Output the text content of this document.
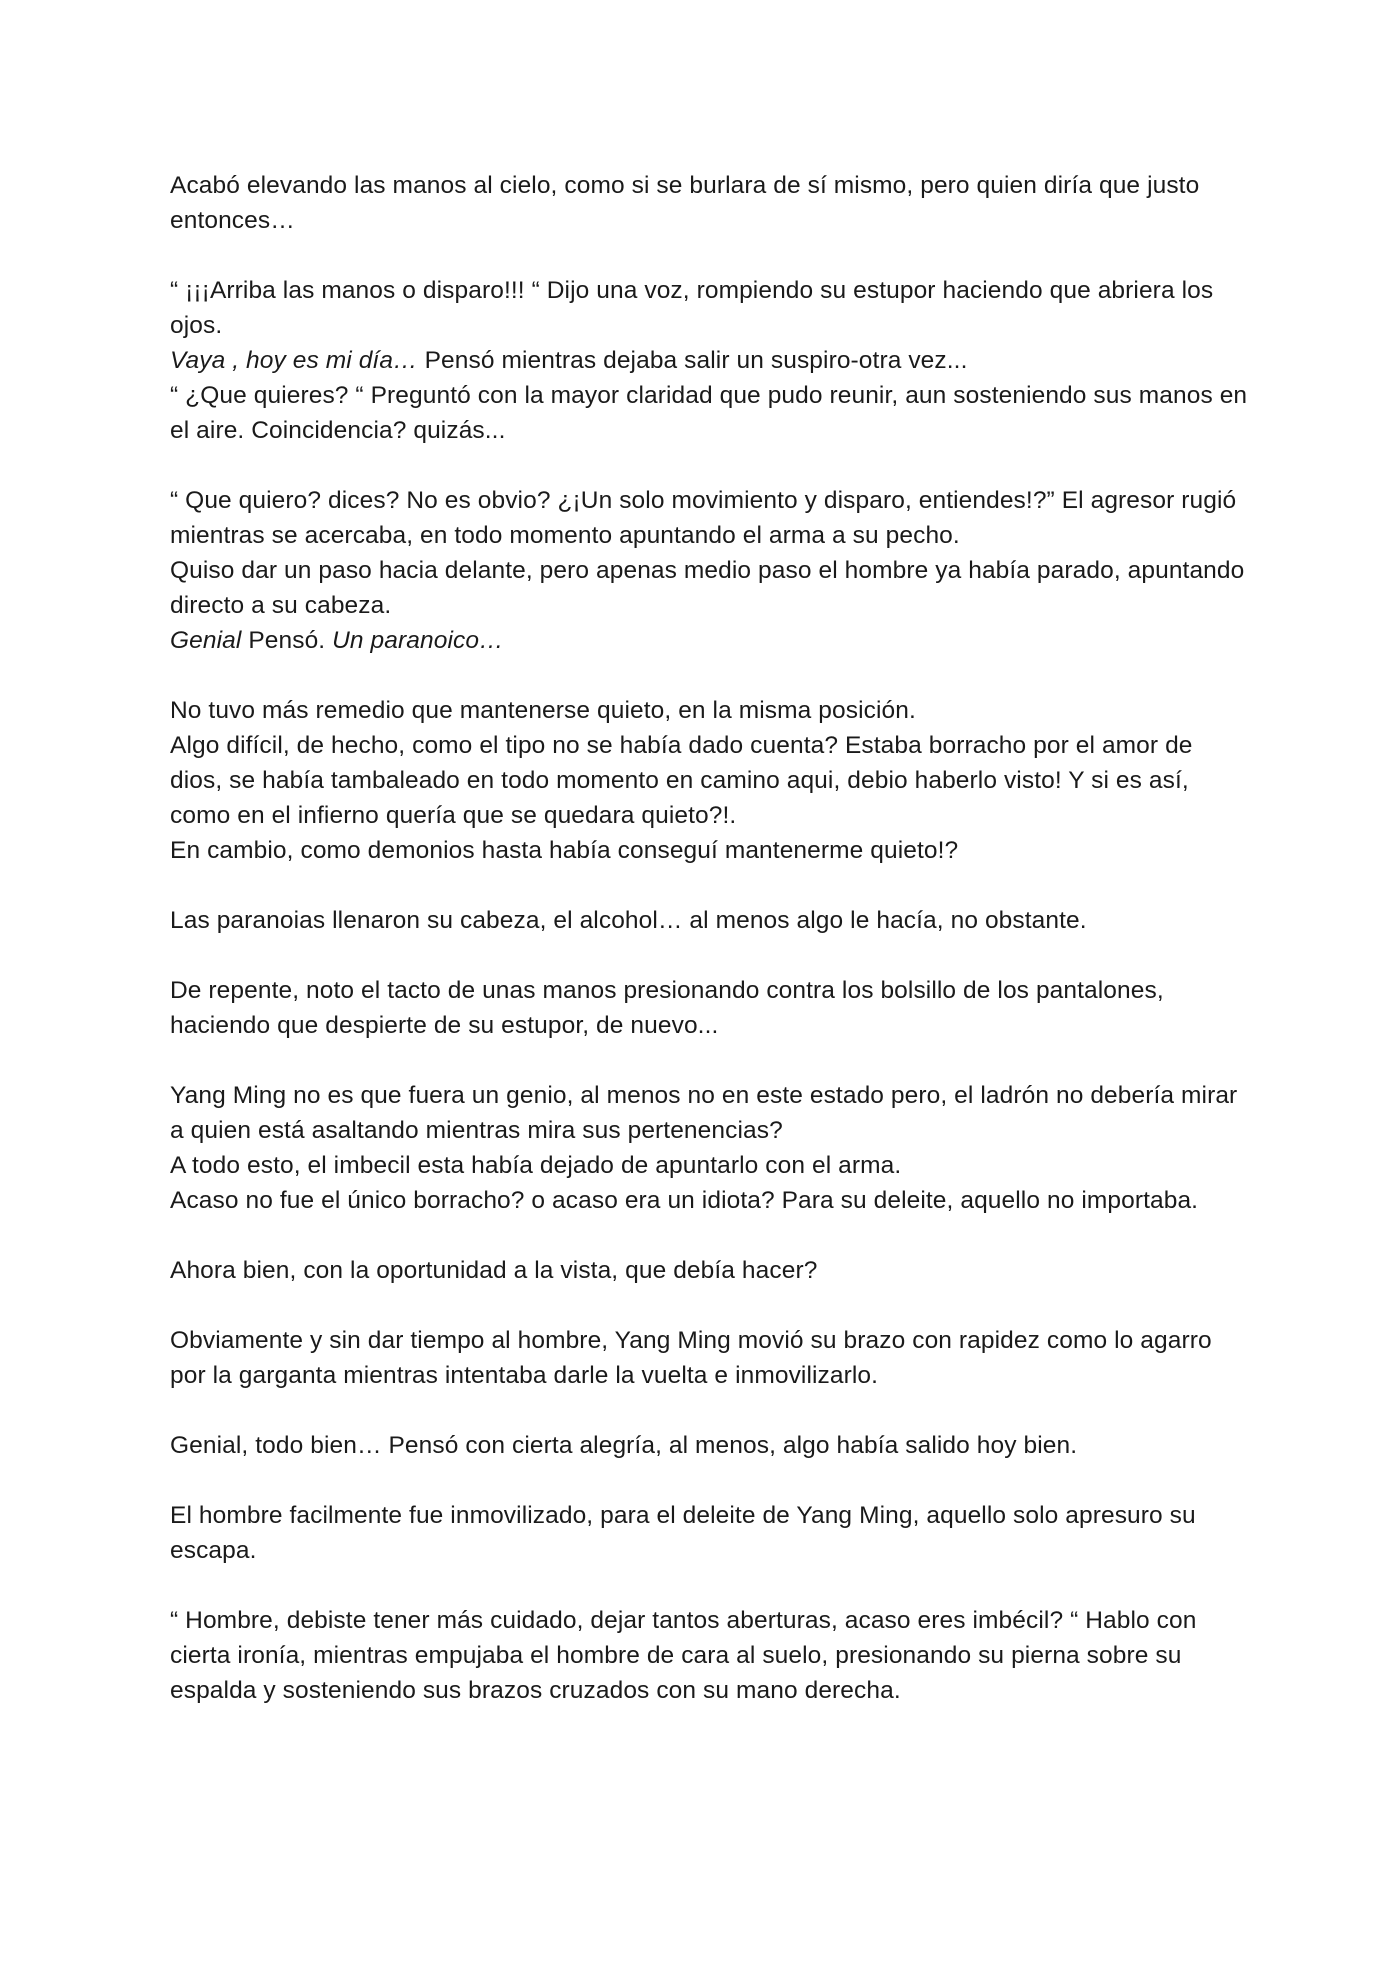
Acabó elevando las manos al cielo, como si se burlara de sí mismo, pero quien diría que justo entonces…
“ ¡¡¡Arriba las manos o disparo!!! “ Dijo una voz, rompiendo su estupor haciendo que abriera los ojos.
Vaya , hoy es mi día… Pensó mientras dejaba salir un suspiro-otra vez...
“ ¿Que quieres? “ Preguntó con la mayor claridad que pudo reunir, aun sosteniendo sus manos en el aire. Coincidencia? quizás...
“ Que quiero? dices? No es obvio? ¿¡Un solo movimiento y disparo, entiendes!?” El agresor rugió mientras se acercaba, en todo momento apuntando el arma a su pecho.
Quiso dar un paso hacia delante, pero apenas medio paso el hombre ya había parado, apuntando directo a su cabeza.
Genial Pensó. Un paranoico…
No tuvo más remedio que mantenerse quieto, en la misma posición.
Algo difícil, de hecho, como el tipo no se había dado cuenta? Estaba borracho por el amor de dios, se había tambaleado en todo momento en camino aqui, debio haberlo visto! Y si es así, como en el infierno quería que se quedara quieto?!.
En cambio, como demonios hasta había conseguí mantenerme quieto!?
Las paranoias llenaron su cabeza, el alcohol… al menos algo le hacía, no obstante.
De repente, noto el tacto de unas manos presionando contra los bolsillo de los pantalones, haciendo que despierte de su estupor, de nuevo...
Yang Ming no es que fuera un genio, al menos no en este estado pero, el ladrón no debería mirar a quien está asaltando mientras mira sus pertenencias?
A todo esto, el imbecil esta había dejado de apuntarlo con el arma.
Acaso no fue el único borracho? o acaso era un idiota? Para su deleite, aquello no importaba.
Ahora bien, con la oportunidad a la vista, que debía hacer?
Obviamente y sin dar tiempo al hombre, Yang Ming movió su brazo con rapidez como lo agarro por la garganta mientras intentaba darle la vuelta e inmovilizarlo.
Genial, todo bien… Pensó con cierta alegría, al menos, algo había salido hoy bien.
El hombre facilmente fue inmovilizado, para el deleite de Yang Ming, aquello solo apresuro su escapa.
“ Hombre, debiste tener más cuidado, dejar tantos aberturas, acaso eres imbécil? “ Hablo con cierta ironía, mientras empujaba el hombre de cara al suelo, presionando su pierna sobre su espalda y sosteniendo sus brazos cruzados con su mano derecha.
